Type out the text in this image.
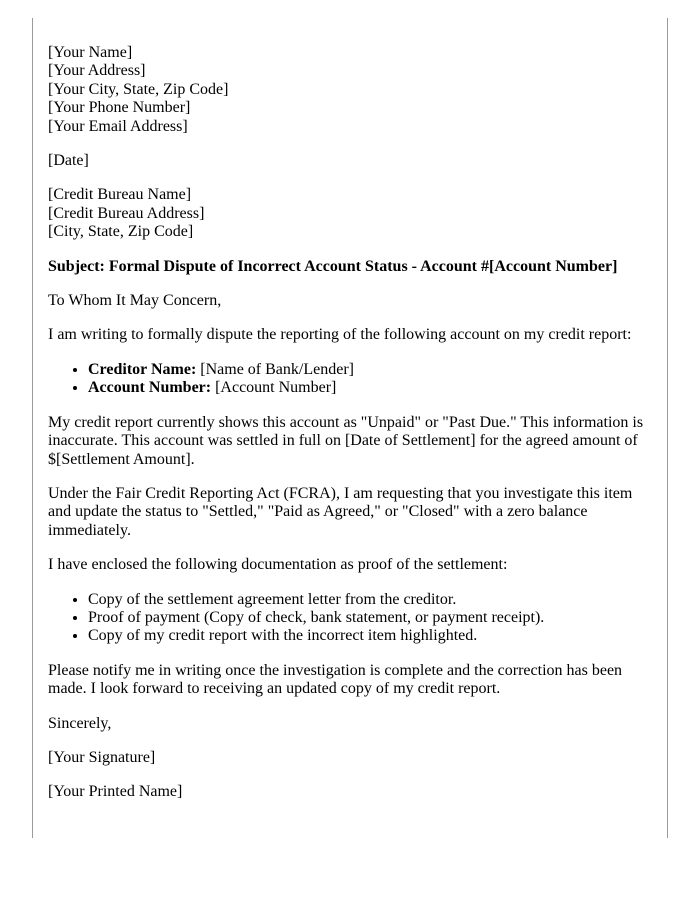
[Your Name]
[Your Address]
[Your City, State, Zip Code]
[Your Phone Number]
[Your Email Address]

[Date]

[Credit Bureau Name]
[Credit Bureau Address]
[City, State, Zip Code]

Subject: Formal Dispute of Incorrect Account Status - Account #[Account Number]

To Whom It May Concern,

I am writing to formally dispute the reporting of the following account on my credit report:

• Creditor Name: [Name of Bank/Lender]
• Account Number: [Account Number]

My credit report currently shows this account as "Unpaid" or "Past Due." This information is inaccurate. This account was settled in full on [Date of Settlement] for the agreed amount of $[Settlement Amount].

Under the Fair Credit Reporting Act (FCRA), I am requesting that you investigate this item and update the status to "Settled," "Paid as Agreed," or "Closed" with a zero balance immediately.

I have enclosed the following documentation as proof of the settlement:

• Copy of the settlement agreement letter from the creditor.
• Proof of payment (Copy of check, bank statement, or payment receipt).
• Copy of my credit report with the incorrect item highlighted.

Please notify me in writing once the investigation is complete and the correction has been made. I look forward to receiving an updated copy of my credit report.

Sincerely,

[Your Signature]

[Your Printed Name]
